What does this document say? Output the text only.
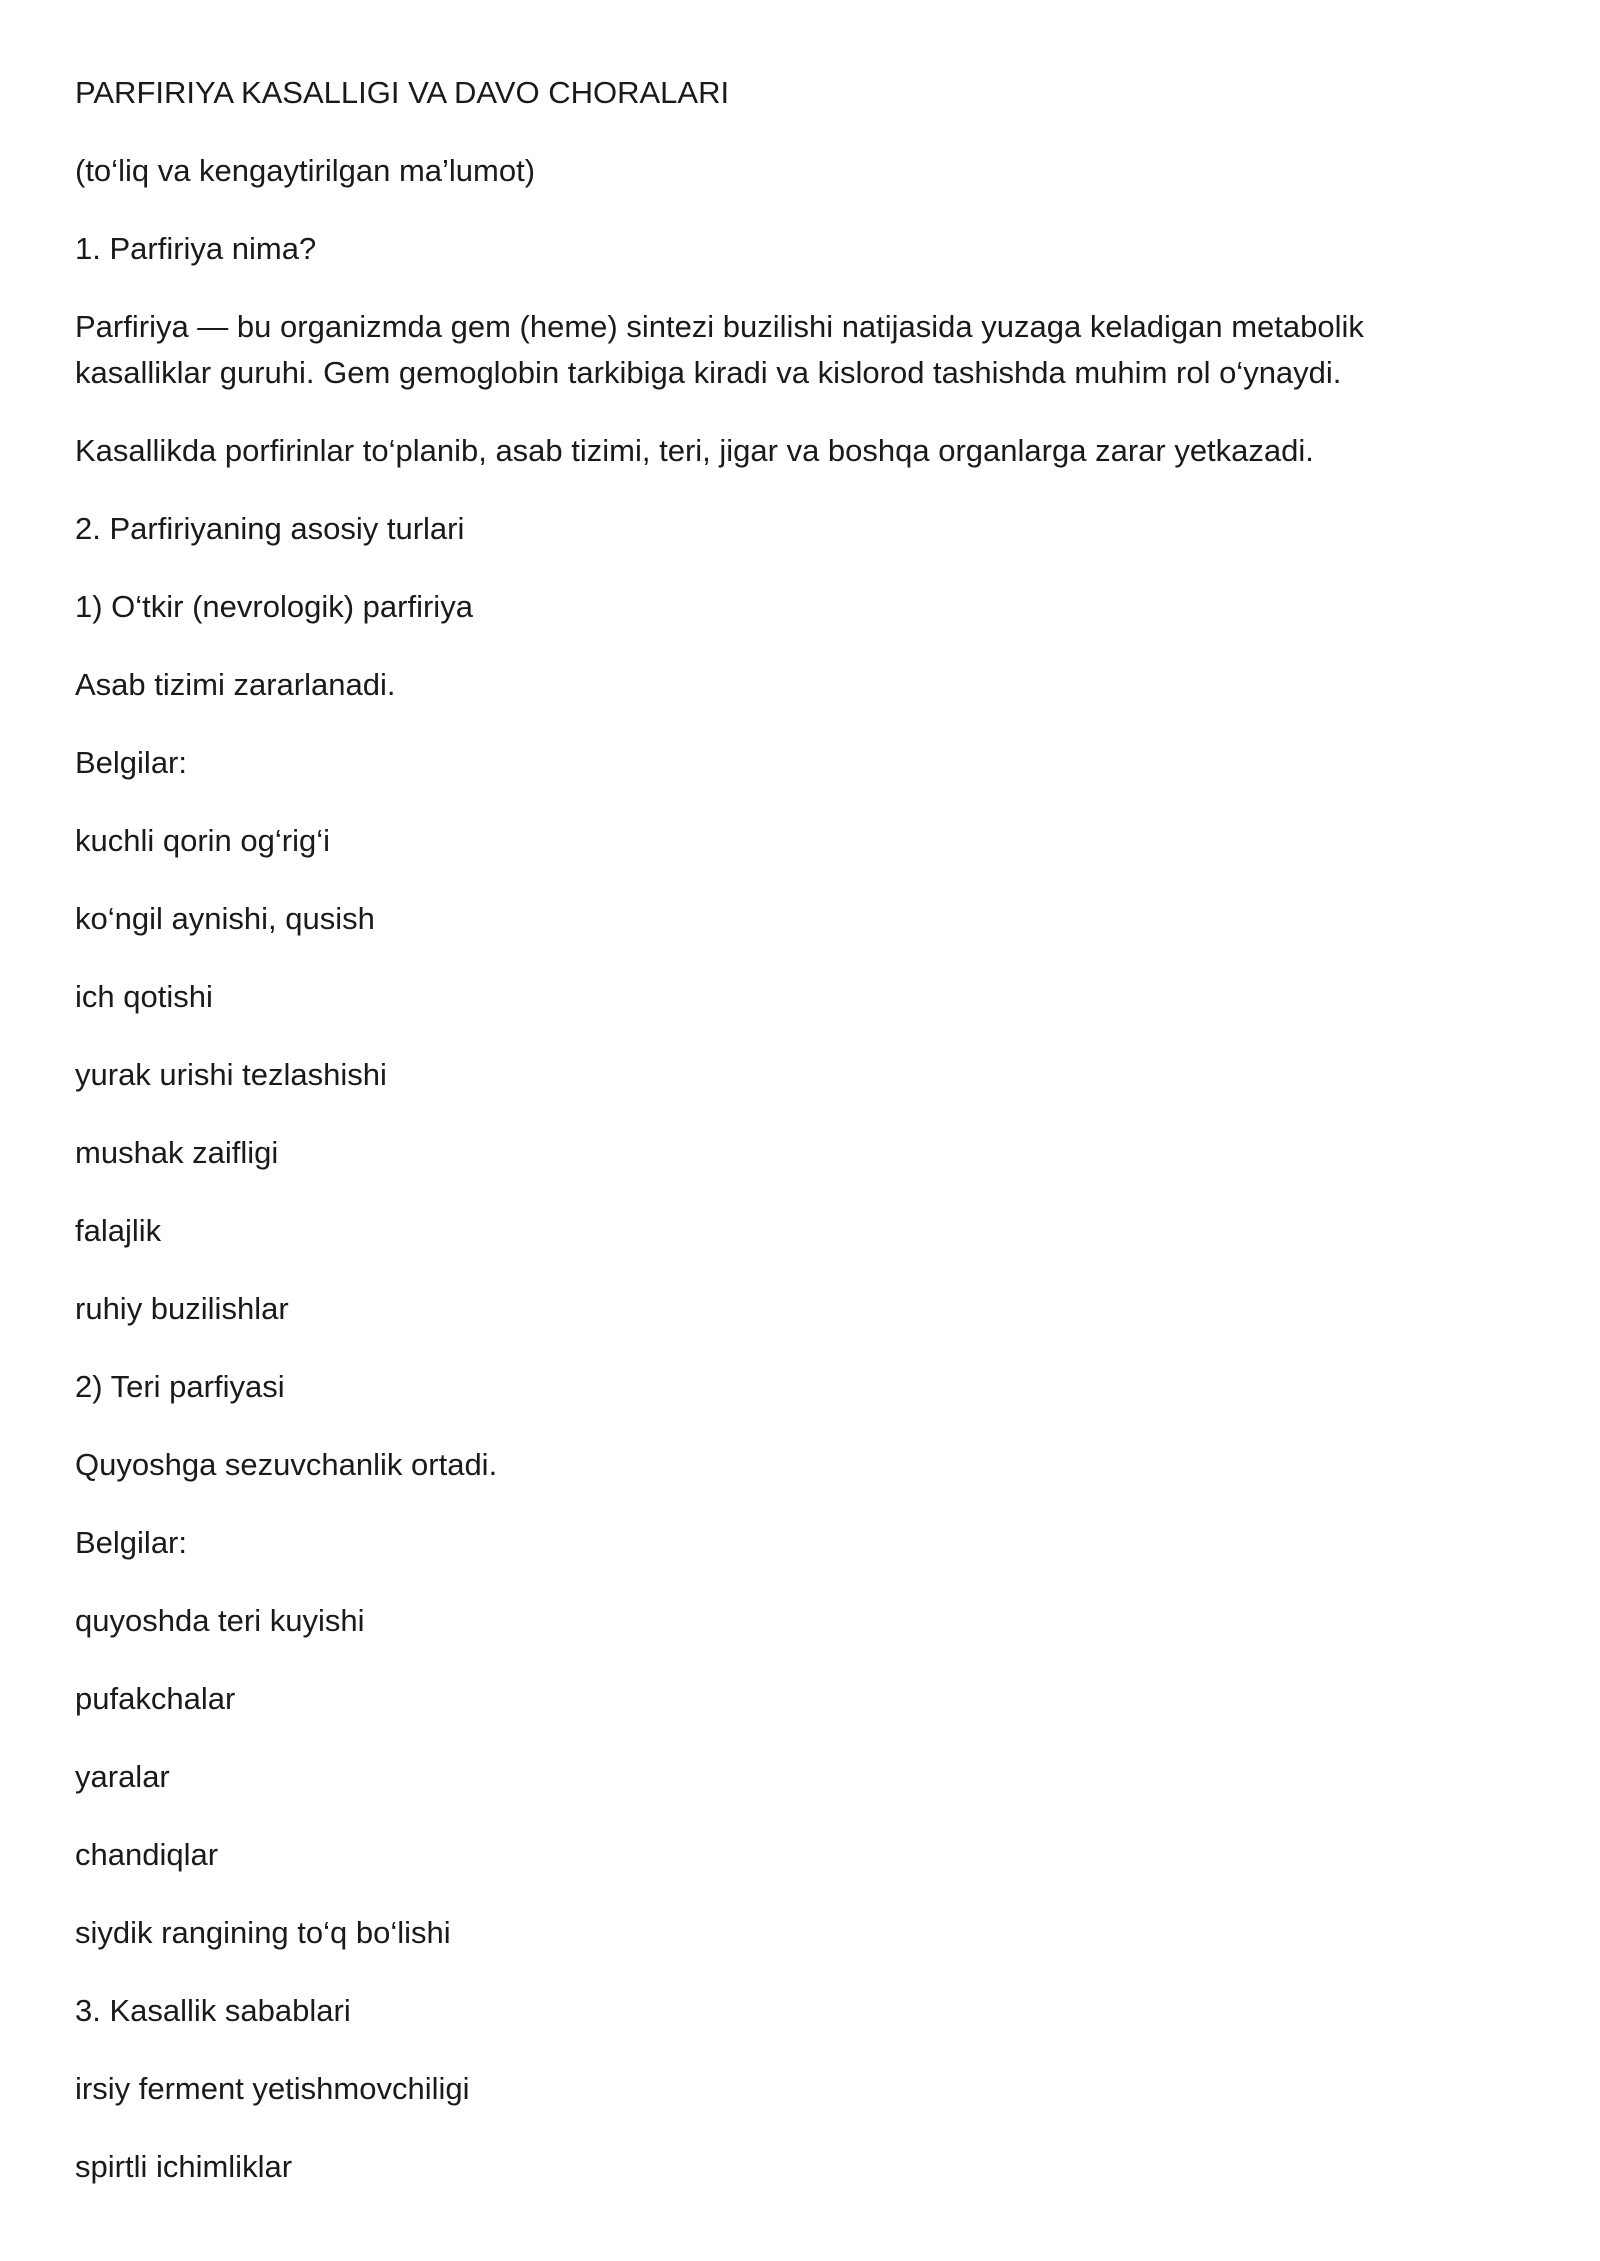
PARFIRIYA KASALLIGI VA DAVO CHORALARI

(to‘liq va kengaytirilgan ma’lumot)

1. Parfiriya nima?

Parfiriya — bu organizmda gem (heme) sintezi buzilishi natijasida yuzaga keladigan metabolik kasalliklar guruhi. Gem gemoglobin tarkibiga kiradi va kislorod tashishda muhim rol o‘ynaydi.

Kasallikda porfirinlar to‘planib, asab tizimi, teri, jigar va boshqa organlarga zarar yetkazadi.

2. Parfiriyaning asosiy turlari

1) O‘tkir (nevrologik) parfiriya

Asab tizimi zararlanadi.

Belgilar:

kuchli qorin og‘rig‘i

ko‘ngil aynishi, qusish

ich qotishi

yurak urishi tezlashishi

mushak zaifligi

falajlik

ruhiy buzilishlar

2) Teri parfiyasi

Quyoshga sezuvchanlik ortadi.

Belgilar:

quyoshda teri kuyishi

pufakchalar

yaralar

chandiqlar

siydik rangining to‘q bo‘lishi

3. Kasallik sabablari

irsiy ferment yetishmovchiligi

spirtli ichimliklar
